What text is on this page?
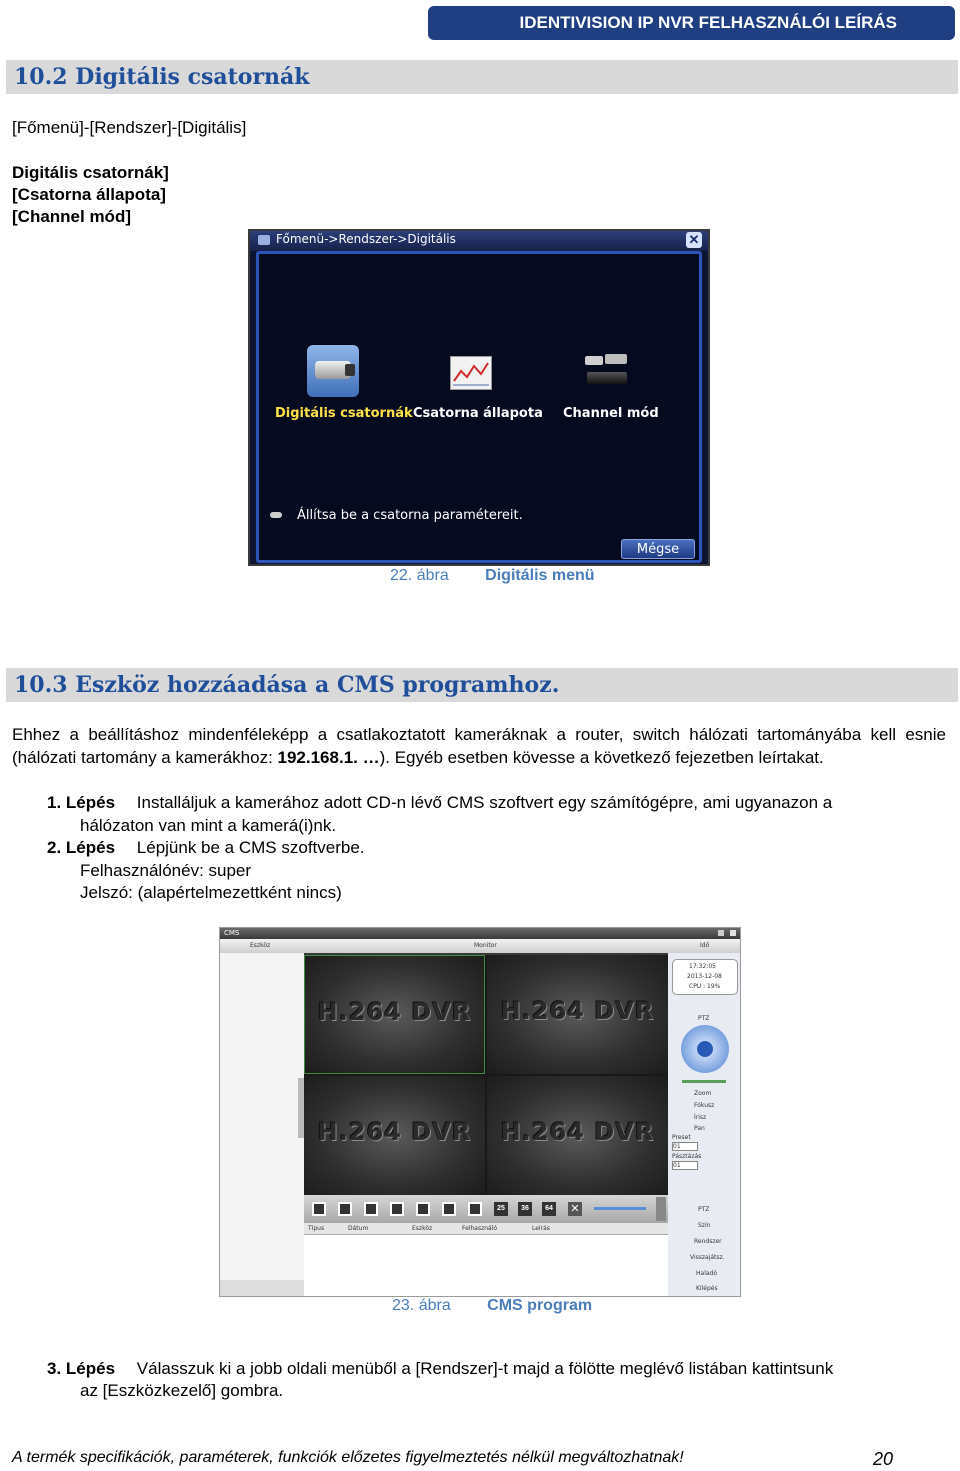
IDENTIVISION IP NVR FELHASZNÁLÓI LEÍRÁS
10.2 Digitális csatornák
[Főmenü]-[Rendszer]-[Digitális]
Digitális csatornák]
[Csatorna állapota]
[Channel mód]
Főmenü->Rendszer->Digitális	✕
Digitális csatornák Csatorna állapota Channel mód
Állítsa be a csatorna paramétereit.
Mégse
22. ábra Digitális menü
10.3 Eszköz hozzáadása a CMS programhoz.
Ehhez a beállításhoz mindenféleképp a csatlakoztatott kameráknak a router, switch hálózati tartományába kell esnie (hálózati tartomány a kamerákhoz: 192.168.1. …). Egyéb esetben kövesse a következő fejezetben leírtakat.
1. Lépés Installáljuk a kamerához adott CD-n lévő CMS szoftvert egy számítógépre, ami ugyanazon a
hálózaton van mint a kamerá(i)nk.
2. Lépés Lépjünk be a CMS szoftverbe.
Felhasználónév: super
Jelszó: (alapértelmezettként nincs)
CMS
Eszköz	Monitor	Idő
H.264 DVR	H.264 DVR
H.264 DVR	H.264 DVR
25	36	64 ✕
Típus	Dátum	Eszköz	Felhasználó	Leírás
17:32:05
2013-12-08
CPU : 19%
PTZ
Zoom
Fókusz
Írisz
Pan
Preset
01
Pásztázás
01
PTZ
Szín
Rendszer
Visszajátsz.
Haladó
Kilépés
23. ábra CMS program
3. Lépés Válasszuk ki a jobb oldali menüből a [Rendszer]-t majd a fölötte meglévő listában kattintsunk
az [Eszközkezelő] gombra.
A termék specifikációk, paraméterek, funkciók előzetes figyelmeztetés nélkül megváltozhatnak!	20
